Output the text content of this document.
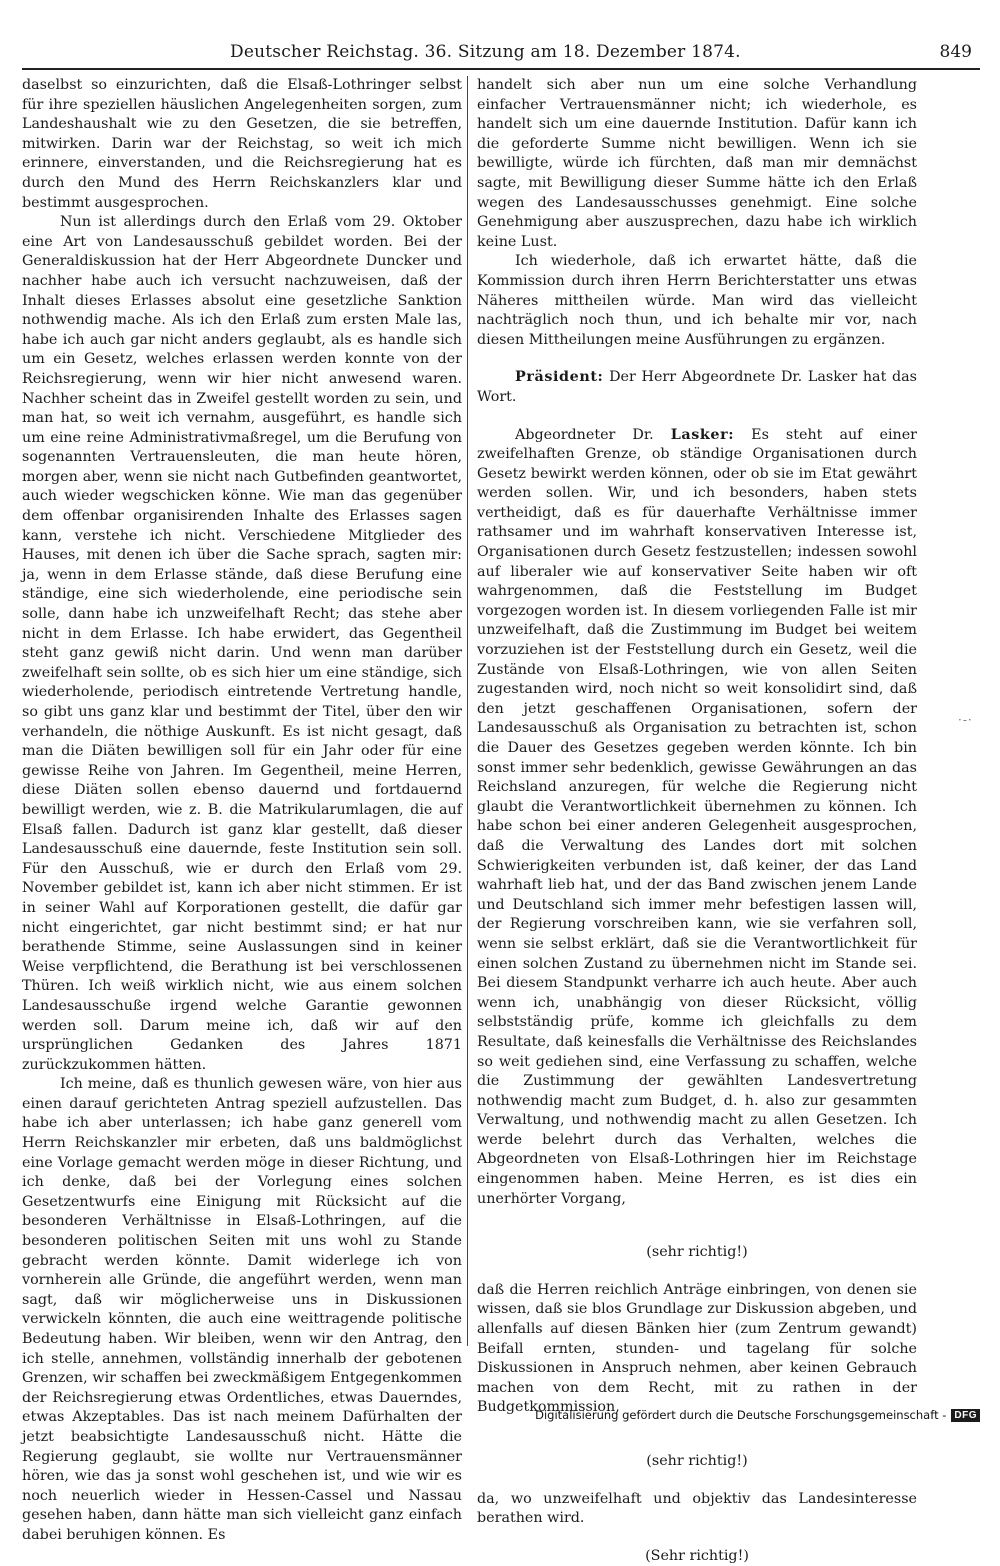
Deutscher Reichstag. 36. Sitzung am 18. Dezember 1874.	849

daselbst so einzurichten, daß die Elsaß-Lothringer selbst für ihre speziellen häuslichen Angelegenheiten sorgen, zum Landeshaushalt wie zu den Gesetzen, die sie betreffen, mitwirken. Darin war der Reichstag, so weit ich mich erinnere, einverstanden, und die Reichsregierung hat es durch den Mund des Herrn Reichskanzlers klar und bestimmt ausgesprochen.

Nun ist allerdings durch den Erlaß vom 29. Oktober eine Art von Landesausschuß gebildet worden. Bei der Generaldiskussion hat der Herr Abgeordnete Duncker und nachher habe auch ich versucht nachzuweisen, daß der Inhalt dieses Erlasses absolut eine gesetzliche Sanktion nothwendig mache. Als ich den Erlaß zum ersten Male las, habe ich auch gar nicht anders geglaubt, als es handle sich um ein Gesetz, welches erlassen werden konnte von der Reichsregierung, wenn wir hier nicht anwesend waren. Nachher scheint das in Zweifel gestellt worden zu sein, und man hat, so weit ich vernahm, ausgeführt, es handle sich um eine reine Administrativmaßregel, um die Berufung von sogenannten Vertrauensleuten, die man heute hören, morgen aber, wenn sie nicht nach Gutbefinden geantwortet, auch wieder wegschicken könne. Wie man das gegenüber dem offenbar organisirenden Inhalte des Erlasses sagen kann, verstehe ich nicht. Verschiedene Mitglieder des Hauses, mit denen ich über die Sache sprach, sagten mir: ja, wenn in dem Erlasse stände, daß diese Berufung eine ständige, eine sich wiederholende, eine periodische sein solle, dann habe ich unzweifelhaft Recht; das stehe aber nicht in dem Erlasse. Ich habe erwidert, das Gegentheil steht ganz gewiß nicht darin. Und wenn man darüber zweifelhaft sein sollte, ob es sich hier um eine ständige, sich wiederholende, periodisch eintretende Vertretung handle, so gibt uns ganz klar und bestimmt der Titel, über den wir verhandeln, die nöthige Auskunft. Es ist nicht gesagt, daß man die Diäten bewilligen soll für ein Jahr oder für eine gewisse Reihe von Jahren. Im Gegentheil, meine Herren, diese Diäten sollen ebenso dauernd und fortdauernd bewilligt werden, wie z. B. die Matrikularumlagen, die auf Elsaß fallen. Dadurch ist ganz klar gestellt, daß dieser Landesausschuß eine dauernde, feste Institution sein soll. Für den Ausschuß, wie er durch den Erlaß vom 29. November gebildet ist, kann ich aber nicht stimmen. Er ist in seiner Wahl auf Korporationen gestellt, die dafür gar nicht eingerichtet, gar nicht bestimmt sind; er hat nur berathende Stimme, seine Auslassungen sind in keiner Weise verpflichtend, die Berathung ist bei verschlossenen Thüren. Ich weiß wirklich nicht, wie aus einem solchen Landesausschuße irgend welche Garantie gewonnen werden soll. Darum meine ich, daß wir auf den ursprünglichen Gedanken des Jahres 1871 zurückzukommen hätten.

Ich meine, daß es thunlich gewesen wäre, von hier aus einen darauf gerichteten Antrag speziell aufzustellen. Das habe ich aber unterlassen; ich habe ganz generell vom Herrn Reichskanzler mir erbeten, daß uns baldmöglichst eine Vorlage gemacht werden möge in dieser Richtung, und ich denke, daß bei der Vorlegung eines solchen Gesetzentwurfs eine Einigung mit Rücksicht auf die besonderen Verhältnisse in Elsaß-Lothringen, auf die besonderen politischen Seiten mit uns wohl zu Stande gebracht werden könnte. Damit widerlege ich von vornherein alle Gründe, die angeführt werden, wenn man sagt, daß wir möglicherweise uns in Diskussionen verwickeln könnten, die auch eine weittragende politische Bedeutung haben. Wir bleiben, wenn wir den Antrag, den ich stelle, annehmen, vollständig innerhalb der gebotenen Grenzen, wir schaffen bei zweckmäßigem Entgegenkommen der Reichsregierung etwas Ordentliches, etwas Dauerndes, etwas Akzeptables. Das ist nach meinem Dafürhalten der jetzt beabsichtigte Landesausschuß nicht. Hätte die Regierung geglaubt, sie wollte nur Vertrauensmänner hören, wie das ja sonst wohl geschehen ist, und wie wir es noch neuerlich wieder in Hessen-Cassel und Nassau gesehen haben, dann hätte man sich vielleicht ganz einfach dabei beruhigen können. Es

handelt sich aber nun um eine solche Verhandlung einfacher Vertrauensmänner nicht; ich wiederhole, es handelt sich um eine dauernde Institution. Dafür kann ich die geforderte Summe nicht bewilligen. Wenn ich sie bewilligte, würde ich fürchten, daß man mir demnächst sagte, mit Bewilligung dieser Summe hätte ich den Erlaß wegen des Landesausschusses genehmigt. Eine solche Genehmigung aber auszusprechen, dazu habe ich wirklich keine Lust.

Ich wiederhole, daß ich erwartet hätte, daß die Kommission durch ihren Herrn Berichterstatter uns etwas Näheres mittheilen würde. Man wird das vielleicht nachträglich noch thun, und ich behalte mir vor, nach diesen Mittheilungen meine Ausführungen zu ergänzen.

Präsident: Der Herr Abgeordnete Dr. Lasker hat das Wort.

Abgeordneter Dr. Lasker: Es steht auf einer zweifelhaften Grenze, ob ständige Organisationen durch Gesetz bewirkt werden können, oder ob sie im Etat gewährt werden sollen. Wir, und ich besonders, haben stets vertheidigt, daß es für dauerhafte Verhältnisse immer rathsamer und im wahrhaft konservativen Interesse ist, Organisationen durch Gesetz festzustellen; indessen sowohl auf liberaler wie auf konservativer Seite haben wir oft wahrgenommen, daß die Feststellung im Budget vorgezogen worden ist. In diesem vorliegenden Falle ist mir unzweifelhaft, daß die Zustimmung im Budget bei weitem vorzuziehen ist der Feststellung durch ein Gesetz, weil die Zustände von Elsaß-Lothringen, wie von allen Seiten zugestanden wird, noch nicht so weit konsolidirt sind, daß den jetzt geschaffenen Organisationen, sofern der Landesausschuß als Organisation zu betrachten ist, schon die Dauer des Gesetzes gegeben werden könnte. Ich bin sonst immer sehr bedenklich, gewisse Gewährungen an das Reichsland anzuregen, für welche die Regierung nicht glaubt die Verantwortlichkeit übernehmen zu können. Ich habe schon bei einer anderen Gelegenheit ausgesprochen, daß die Verwaltung des Landes dort mit solchen Schwierigkeiten verbunden ist, daß keiner, der das Land wahrhaft lieb hat, und der das Band zwischen jenem Lande und Deutschland sich immer mehr befestigen lassen will, der Regierung vorschreiben kann, wie sie verfahren soll, wenn sie selbst erklärt, daß sie die Verantwortlichkeit für einen solchen Zustand zu übernehmen nicht im Stande sei. Bei diesem Standpunkt verharre ich auch heute. Aber auch wenn ich, unabhängig von dieser Rücksicht, völlig selbstständig prüfe, komme ich gleichfalls zu dem Resultate, daß keinesfalls die Verhältnisse des Reichslandes so weit gediehen sind, eine Verfassung zu schaffen, welche die Zustimmung der gewählten Landesvertretung nothwendig macht zum Budget, d. h. also zur gesammten Verwaltung, und nothwendig macht zu allen Gesetzen. Ich werde belehrt durch das Verhalten, welches die Abgeordneten von Elsaß-Lothringen hier im Reichstage eingenommen haben. Meine Herren, es ist dies ein unerhörter Vorgang,

(sehr richtig!)

daß die Herren reichlich Anträge einbringen, von denen sie wissen, daß sie blos Grundlage zur Diskussion abgeben, und allenfalls auf diesen Bänken hier (zum Zentrum gewandt) Beifall ernten, stunden- und tagelang für solche Diskussionen in Anspruch nehmen, aber keinen Gebrauch machen von dem Recht, mit zu rathen in der Budgetkommission,

(sehr richtig!)

da, wo unzweifelhaft und objektiv das Landesinteresse berathen wird.

(Sehr richtig!)

·‐·
Digitalisierung gefördert durch die Deutsche Forschungsgemeinschaft - DFG
